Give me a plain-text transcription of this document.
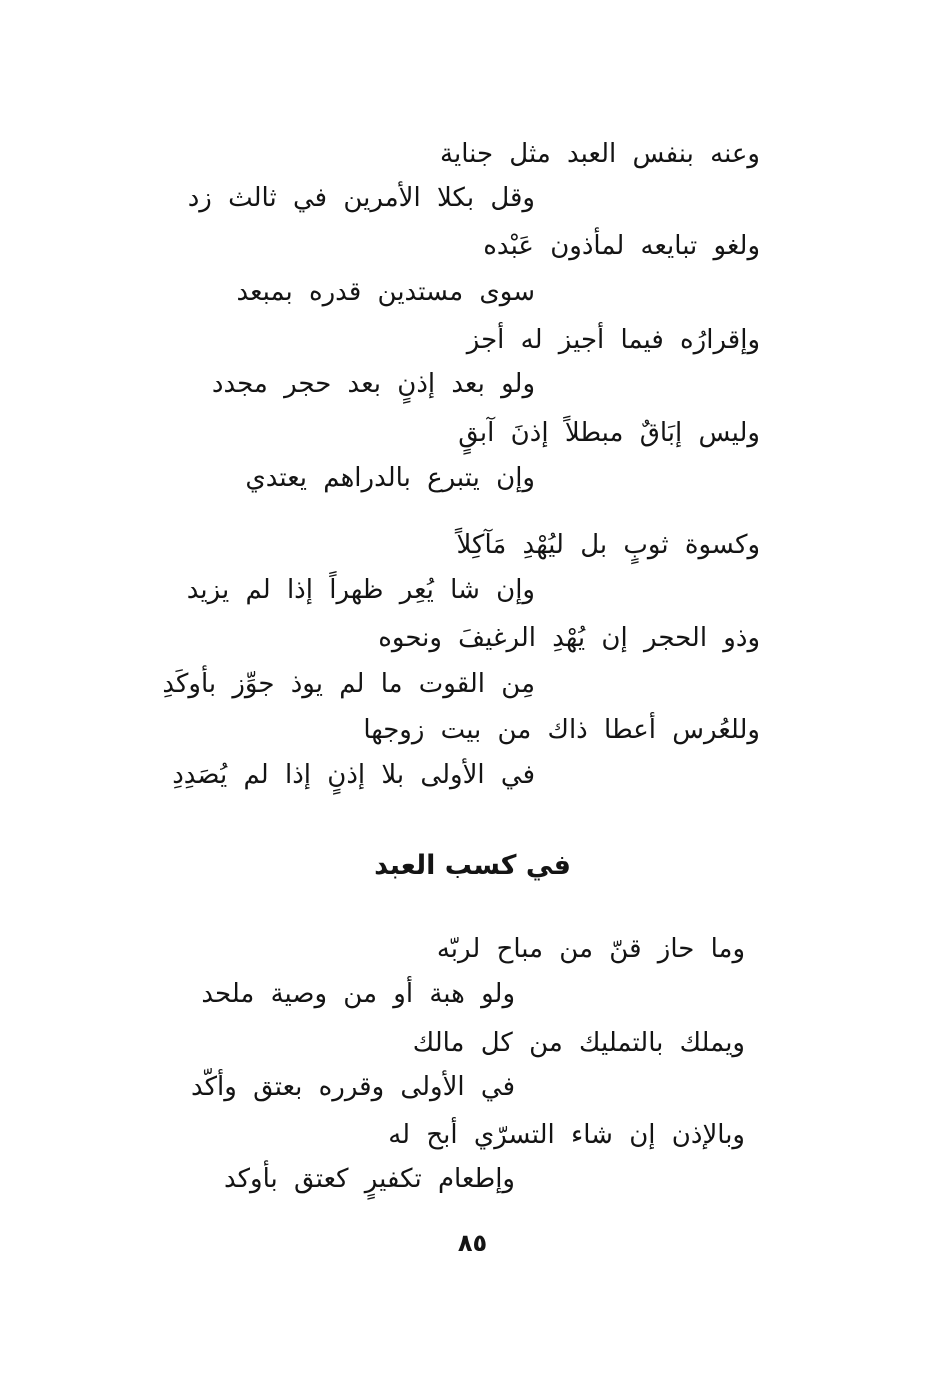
وعنه بنفس العبد مثل جناية
وقل بكلا الأمرين في ثالث زد
ولغو تبايعه لمأذون عَبْده
سوى مستدين قدره بمبعد
وإقرارُه فيما أجيز له أجز
ولو بعد إذنٍ بعد حجر مجدد
وليس إبَاقٌ مبطلاً إذنَ آبقٍ
وإن يتبرع بالدراهم يعتدي
وكسوة ثوبٍ بل ليُهْدِ مَآكِلاً
وإن شا يُعِر ظهراً إذا لم يزيد
وذو الحجر إن يُهْدِ الرغيفَ ونحوه
مِن القوت ما لم يوذ جوِّز بأوكَدِ
وللعُرس أعطا ذاك من بيت زوجها
في الأولى بلا إذنٍ إذا لم يُصَدِدِ
في كسب العبد
وما حاز قنّ من مباح لربّه
ولو هبة أو من وصية ملحد
ويملك بالتمليك من كل مالك
في الأولى وقرره بعتق وأكّد
وبالإذن إن شاء التسرّي أبح له
وإطعام تكفيرٍ كعتق بأوكد
٨٥
